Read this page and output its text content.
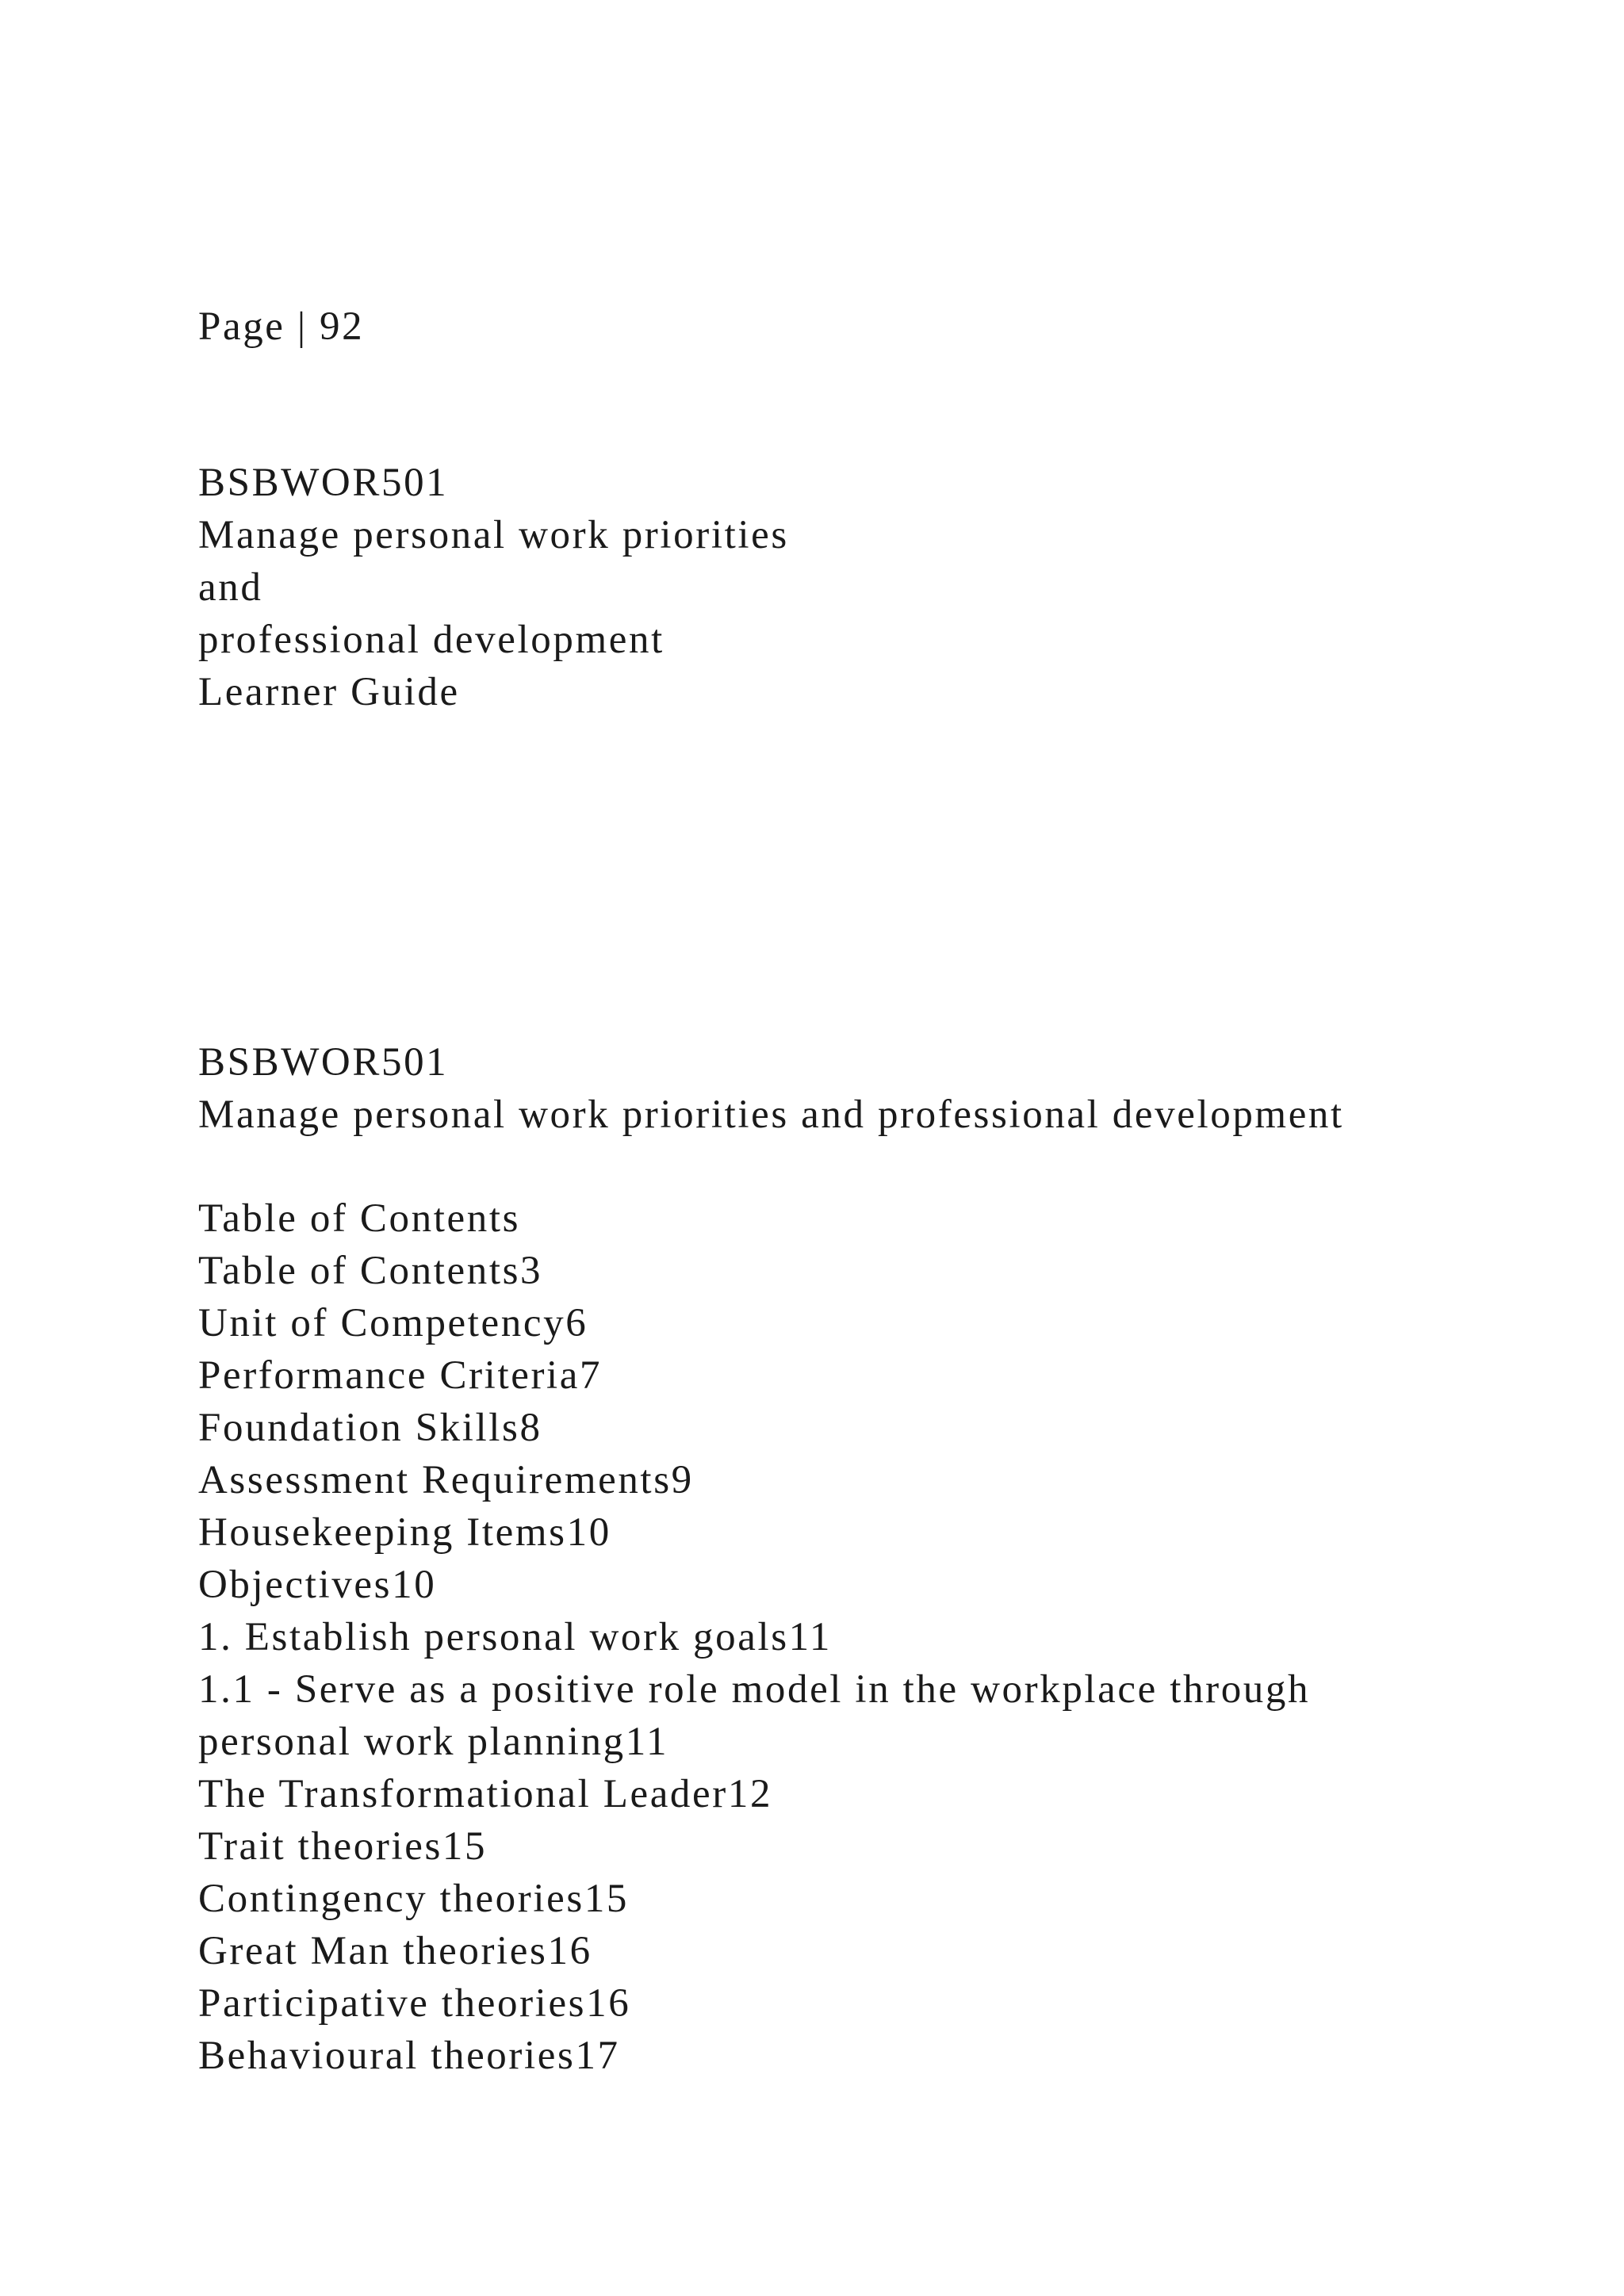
Page | 92
BSBWOR501
Manage personal work priorities
and
professional development
Learner Guide
BSBWOR501
Manage personal work priorities and professional development
Table of Contents
Table of Contents3
Unit of Competency6
Performance Criteria7
Foundation Skills8
Assessment Requirements9
Housekeeping Items10
Objectives10
1. Establish personal work goals11
1.1 - Serve as a positive role model in the workplace through
personal work planning11
The Transformational Leader12
Trait theories15
Contingency theories15
Great Man theories16
Participative theories16
Behavioural theories17
